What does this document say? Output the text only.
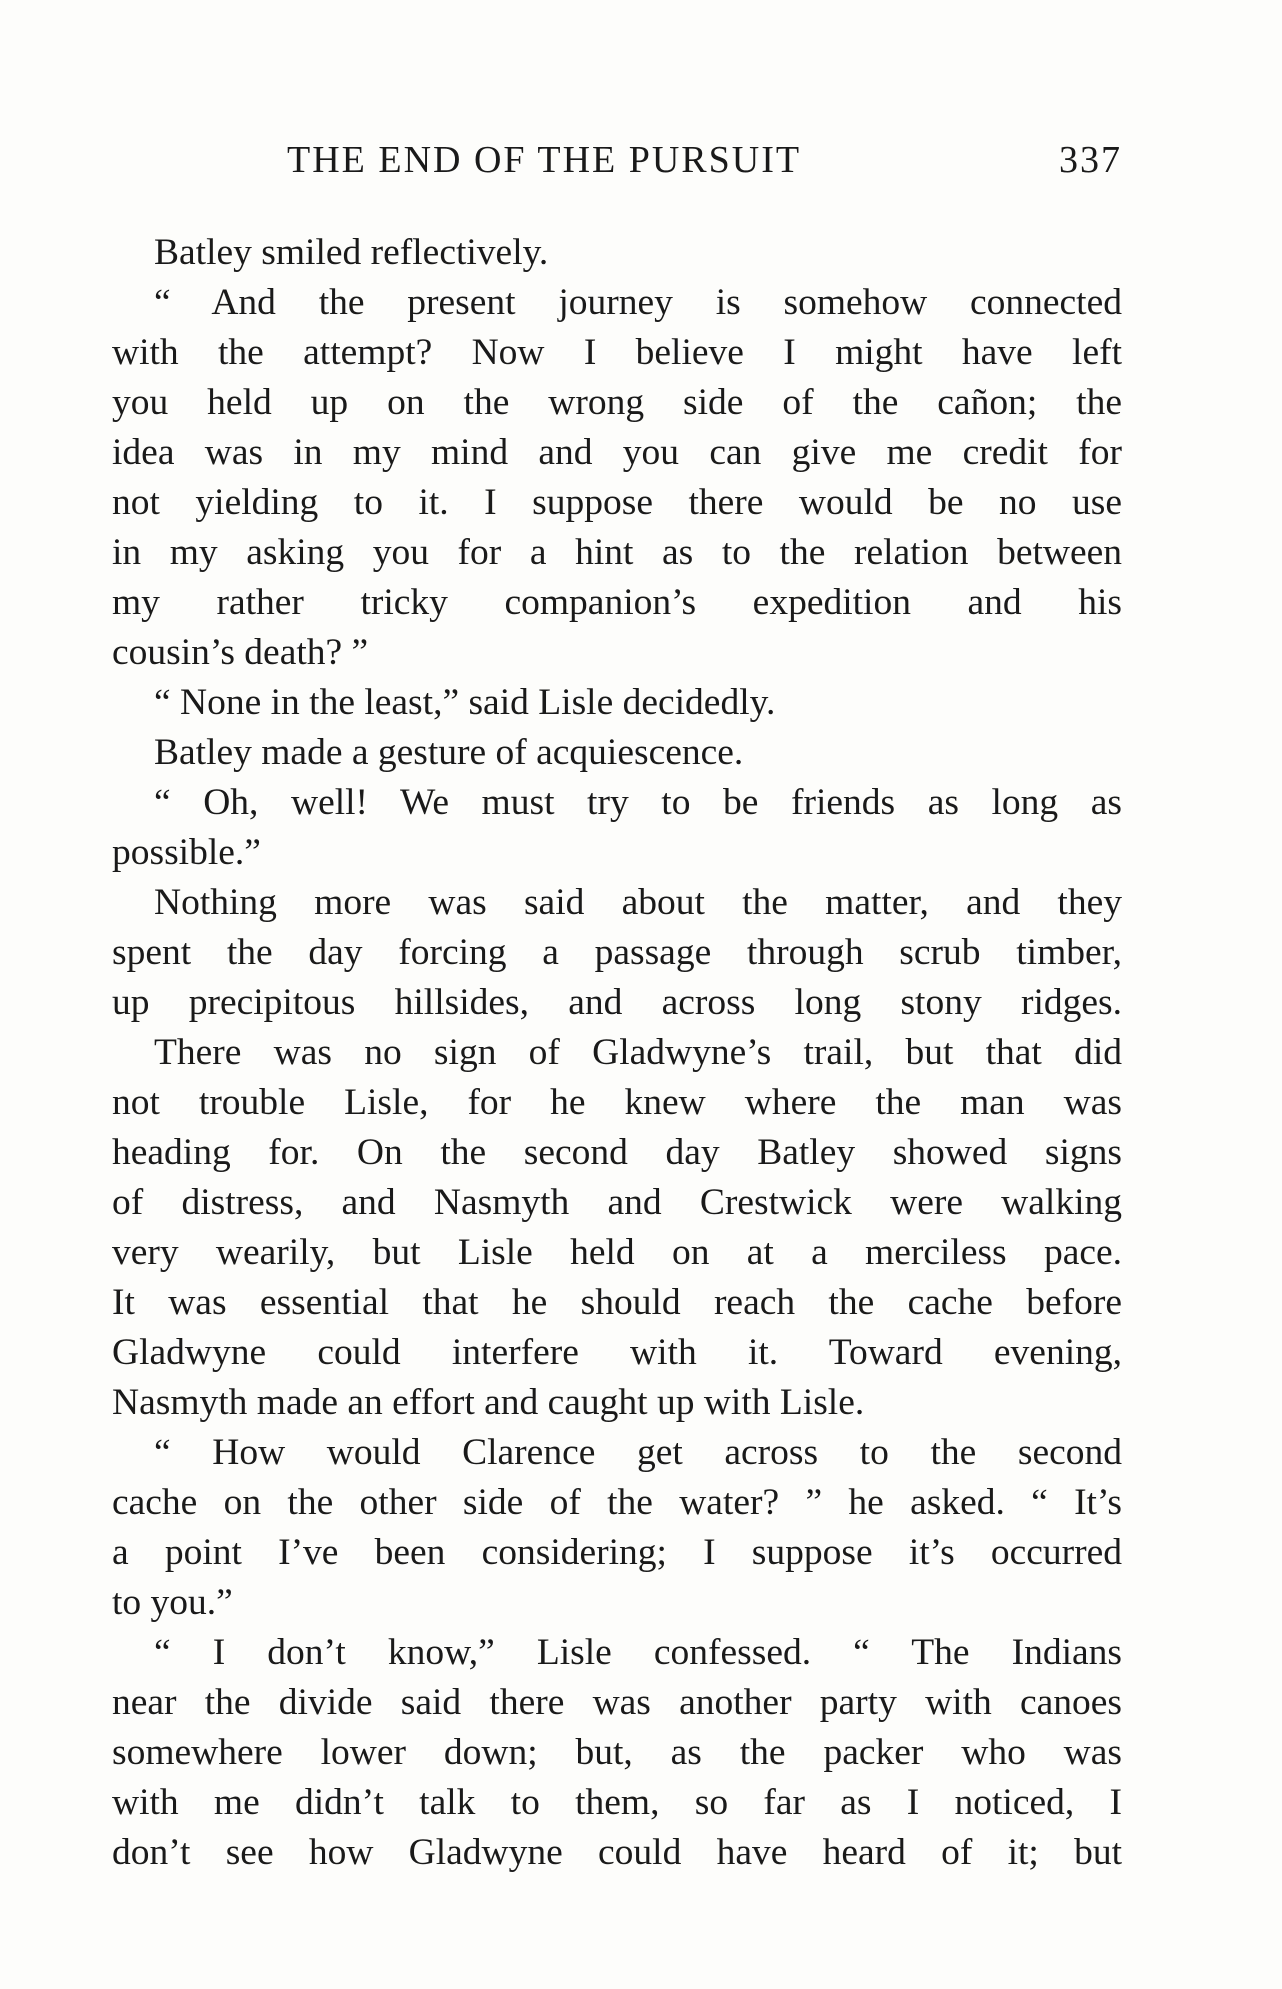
THE END OF THE PURSUIT	337
Batley smiled reflectively.
“ And the present journey is somehow connected
with the attempt? Now I believe I might have left
you held up on the wrong side of the cañon; the
idea was in my mind and you can give me credit for
not yielding to it. I suppose there would be no use
in my asking you for a hint as to the relation between
my rather tricky companion’s expedition and his
cousin’s death? ”
“ None in the least,” said Lisle decidedly.
Batley made a gesture of acquiescence.
“ Oh, well! We must try to be friends as long as
possible.”
Nothing more was said about the matter, and they
spent the day forcing a passage through scrub timber,
up precipitous hillsides, and across long stony ridges.
There was no sign of Gladwyne’s trail, but that did
not trouble Lisle, for he knew where the man was
heading for. On the second day Batley showed signs
of distress, and Nasmyth and Crestwick were walking
very wearily, but Lisle held on at a merciless pace.
It was essential that he should reach the cache before
Gladwyne could interfere with it. Toward evening,
Nasmyth made an effort and caught up with Lisle.
“ How would Clarence get across to the second
cache on the other side of the water? ” he asked. “ It’s
a point I’ve been considering; I suppose it’s occurred
to you.”
“ I don’t know,” Lisle confessed. “ The Indians
near the divide said there was another party with canoes
somewhere lower down; but, as the packer who was
with me didn’t talk to them, so far as I noticed, I
don’t see how Gladwyne could have heard of it; but
